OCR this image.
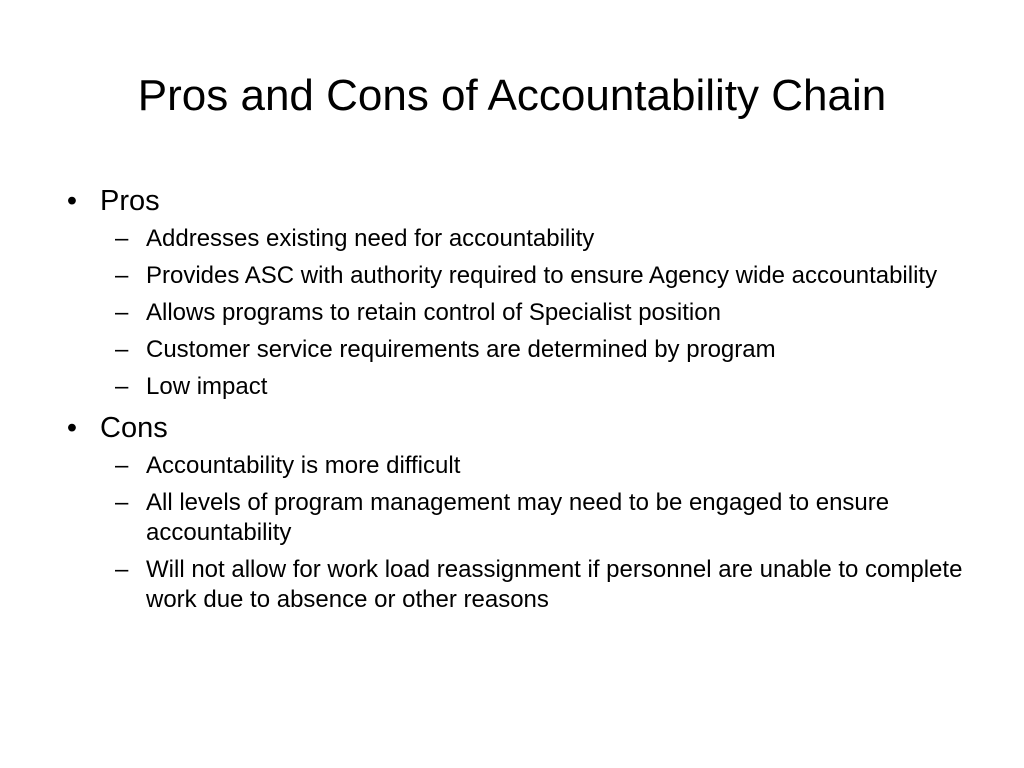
Pros and Cons of Accountability Chain

• Pros

– Addresses existing need for accountability
– Provides ASC with authority required to ensure Agency wide accountability
– Allows programs to retain control of Specialist position
– Customer service requirements are determined by program
– Low impact

• Cons

– Accountability is more difficult
– All levels of program management may need to be engaged to ensure accountability
– Will not allow for work load reassignment if personnel are unable to complete work due to absence or other reasons
